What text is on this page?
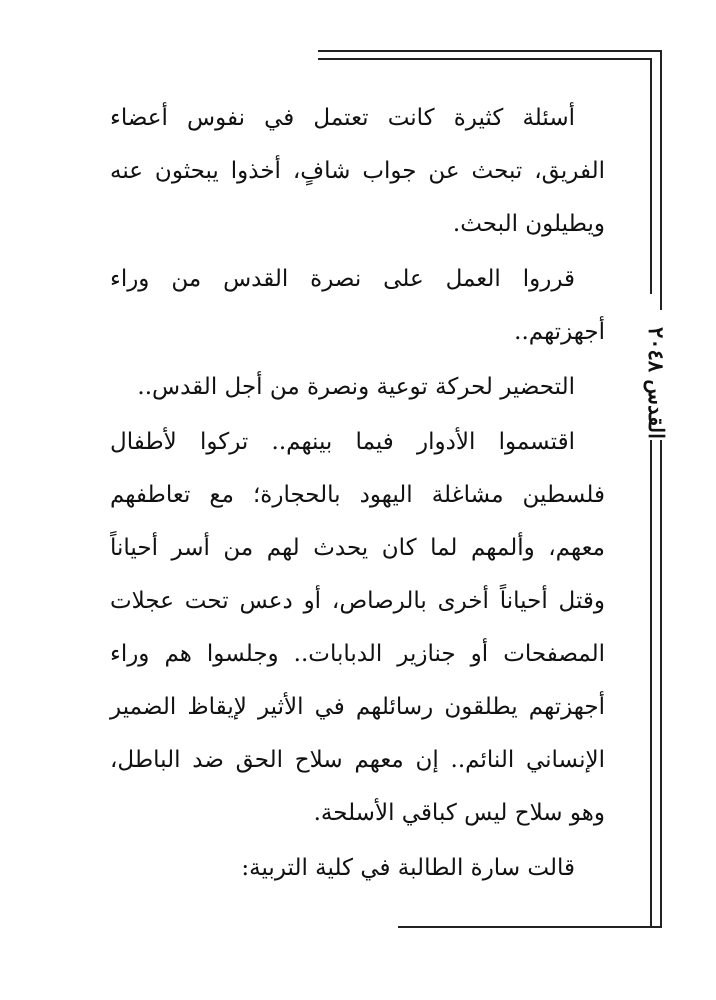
القدس ٢٠٤٨

أسئلة كثيرة كانت تعتمل في نفوس أعضاء الفريق، تبحث عن جواب شافٍ، أخذوا يبحثون عنه ويطيلون البحث.

قرروا العمل على نصرة القدس من وراء أجهزتهم..

التحضير لحركة توعية ونصرة من أجل القدس..

اقتسموا الأدوار فيما بينهم.. تركوا لأطفال فلسطين مشاغلة اليهود بالحجارة؛ مع تعاطفهم معهم، وألمهم لما كان يحدث لهم من أسر أحياناً وقتل أحياناً أخرى بالرصاص، أو دعس تحت عجلات المصفحات أو جنازير الدبابات.. وجلسوا هم وراء أجهزتهم يطلقون رسائلهم في الأثير لإيقاظ الضمير الإنساني النائم.. إن معهم سلاح الحق ضد الباطل، وهو سلاح ليس كباقي الأسلحة.

قالت سارة الطالبة في كلية التربية:
